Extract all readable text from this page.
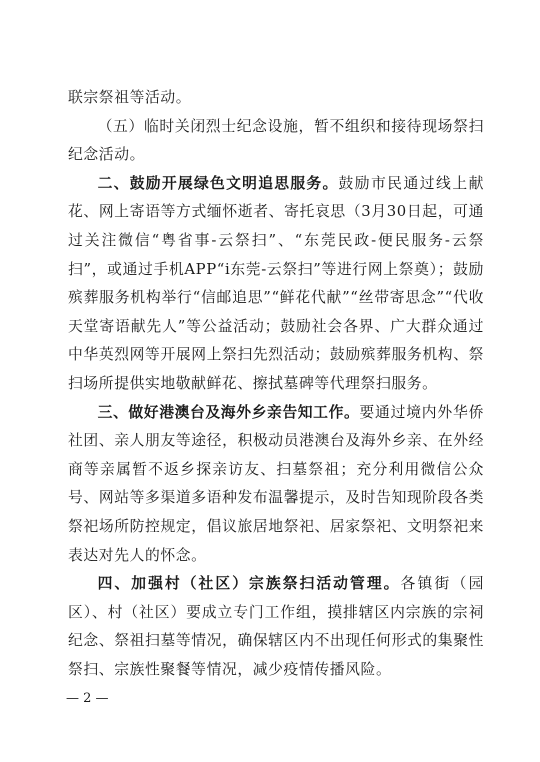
联宗祭祖等活动。

（五）临时关闭烈士纪念设施，暂不组织和接待现场祭扫纪念活动。

二、鼓励开展绿色文明追思服务。鼓励市民通过线上献花、网上寄语等方式缅怀逝者、寄托哀思（3月30日起，可通过关注微信“粤省事-云祭扫”、“东莞民政-便民服务-云祭扫”，或通过手机APP“i东莞-云祭扫”等进行网上祭奠）；鼓励殡葬服务机构举行“信邮追思”“鲜花代献”“丝带寄思念”“代收天堂寄语献先人”等公益活动；鼓励社会各界、广大群众通过中华英烈网等开展网上祭扫先烈活动；鼓励殡葬服务机构、祭扫场所提供实地敬献鲜花、擦拭墓碑等代理祭扫服务。

三、做好港澳台及海外乡亲告知工作。要通过境内外华侨社团、亲人朋友等途径，积极动员港澳台及海外乡亲、在外经商等亲属暂不返乡探亲访友、扫墓祭祖；充分利用微信公众号、网站等多渠道多语种发布温馨提示，及时告知现阶段各类祭祀场所防控规定，倡议旅居地祭祀、居家祭祀、文明祭祀来表达对先人的怀念。

四、加强村（社区）宗族祭扫活动管理。各镇街（园区）、村（社区）要成立专门工作组，摸排辖区内宗族的宗祠纪念、祭祖扫墓等情况，确保辖区内不出现任何形式的集聚性祭扫、宗族性聚餐等情况，减少疫情传播风险。

— 2 —
